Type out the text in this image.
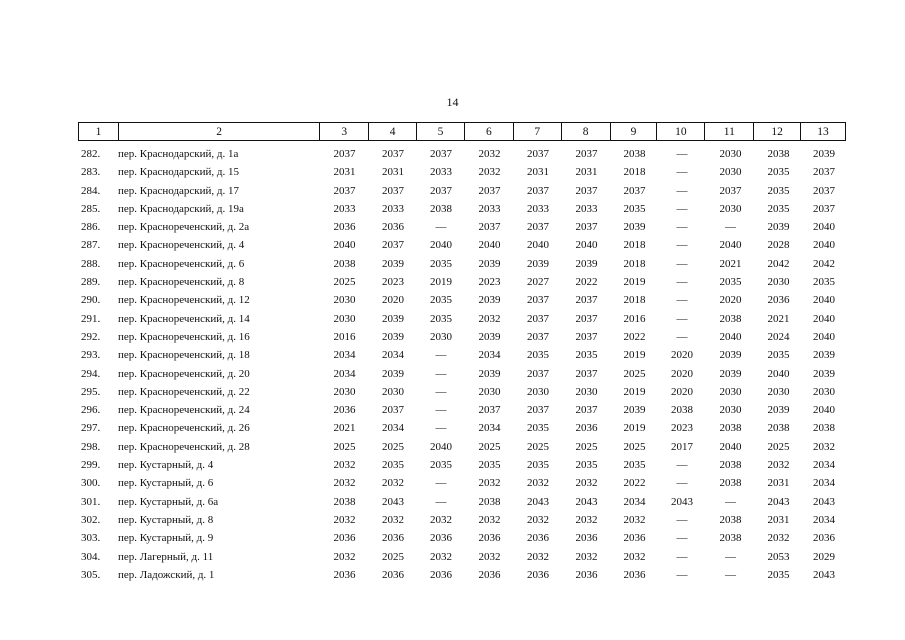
14
1	2	3	4	5	6	7	8	9	10	11	12	13
282.	пер. Краснодарский, д. 1а	2037	2037	2037	2032	2037	2037	2038	—	2030	2038	2039
283.	пер. Краснодарский, д. 15	2031	2031	2033	2032	2031	2031	2018	—	2030	2035	2037
284.	пер. Краснодарский, д. 17	2037	2037	2037	2037	2037	2037	2037	—	2037	2035	2037
285.	пер. Краснодарский, д. 19а	2033	2033	2038	2033	2033	2033	2035	—	2030	2035	2037
286.	пер. Краснореченский, д. 2а	2036	2036	—	2037	2037	2037	2039	—	—	2039	2040
287.	пер. Краснореченский, д. 4	2040	2037	2040	2040	2040	2040	2018	—	2040	2028	2040
288.	пер. Краснореченский, д. 6	2038	2039	2035	2039	2039	2039	2018	—	2021	2042	2042
289.	пер. Краснореченский, д. 8	2025	2023	2019	2023	2027	2022	2019	—	2035	2030	2035
290.	пер. Краснореченский, д. 12	2030	2020	2035	2039	2037	2037	2018	—	2020	2036	2040
291.	пер. Краснореченский, д. 14	2030	2039	2035	2032	2037	2037	2016	—	2038	2021	2040
292.	пер. Краснореченский, д. 16	2016	2039	2030	2039	2037	2037	2022	—	2040	2024	2040
293.	пер. Краснореченский, д. 18	2034	2034	—	2034	2035	2035	2019	2020	2039	2035	2039
294.	пер. Краснореченский, д. 20	2034	2039	—	2039	2037	2037	2025	2020	2039	2040	2039
295.	пер. Краснореченский, д. 22	2030	2030	—	2030	2030	2030	2019	2020	2030	2030	2030
296.	пер. Краснореченский, д. 24	2036	2037	—	2037	2037	2037	2039	2038	2030	2039	2040
297.	пер. Краснореченский, д. 26	2021	2034	—	2034	2035	2036	2019	2023	2038	2038	2038
298.	пер. Краснореченский, д. 28	2025	2025	2040	2025	2025	2025	2025	2017	2040	2025	2032
299.	пер. Кустарный, д. 4	2032	2035	2035	2035	2035	2035	2035	—	2038	2032	2034
300.	пер. Кустарный, д. 6	2032	2032	—	2032	2032	2032	2022	—	2038	2031	2034
301.	пер. Кустарный, д. 6а	2038	2043	—	2038	2043	2043	2034	2043	—	2043	2043
302.	пер. Кустарный, д. 8	2032	2032	2032	2032	2032	2032	2032	—	2038	2031	2034
303.	пер. Кустарный, д. 9	2036	2036	2036	2036	2036	2036	2036	—	2038	2032	2036
304.	пер. Лагерный, д. 11	2032	2025	2032	2032	2032	2032	2032	—	—	2053	2029
305.	пер. Ладожский, д. 1	2036	2036	2036	2036	2036	2036	2036	—	—	2035	2043
